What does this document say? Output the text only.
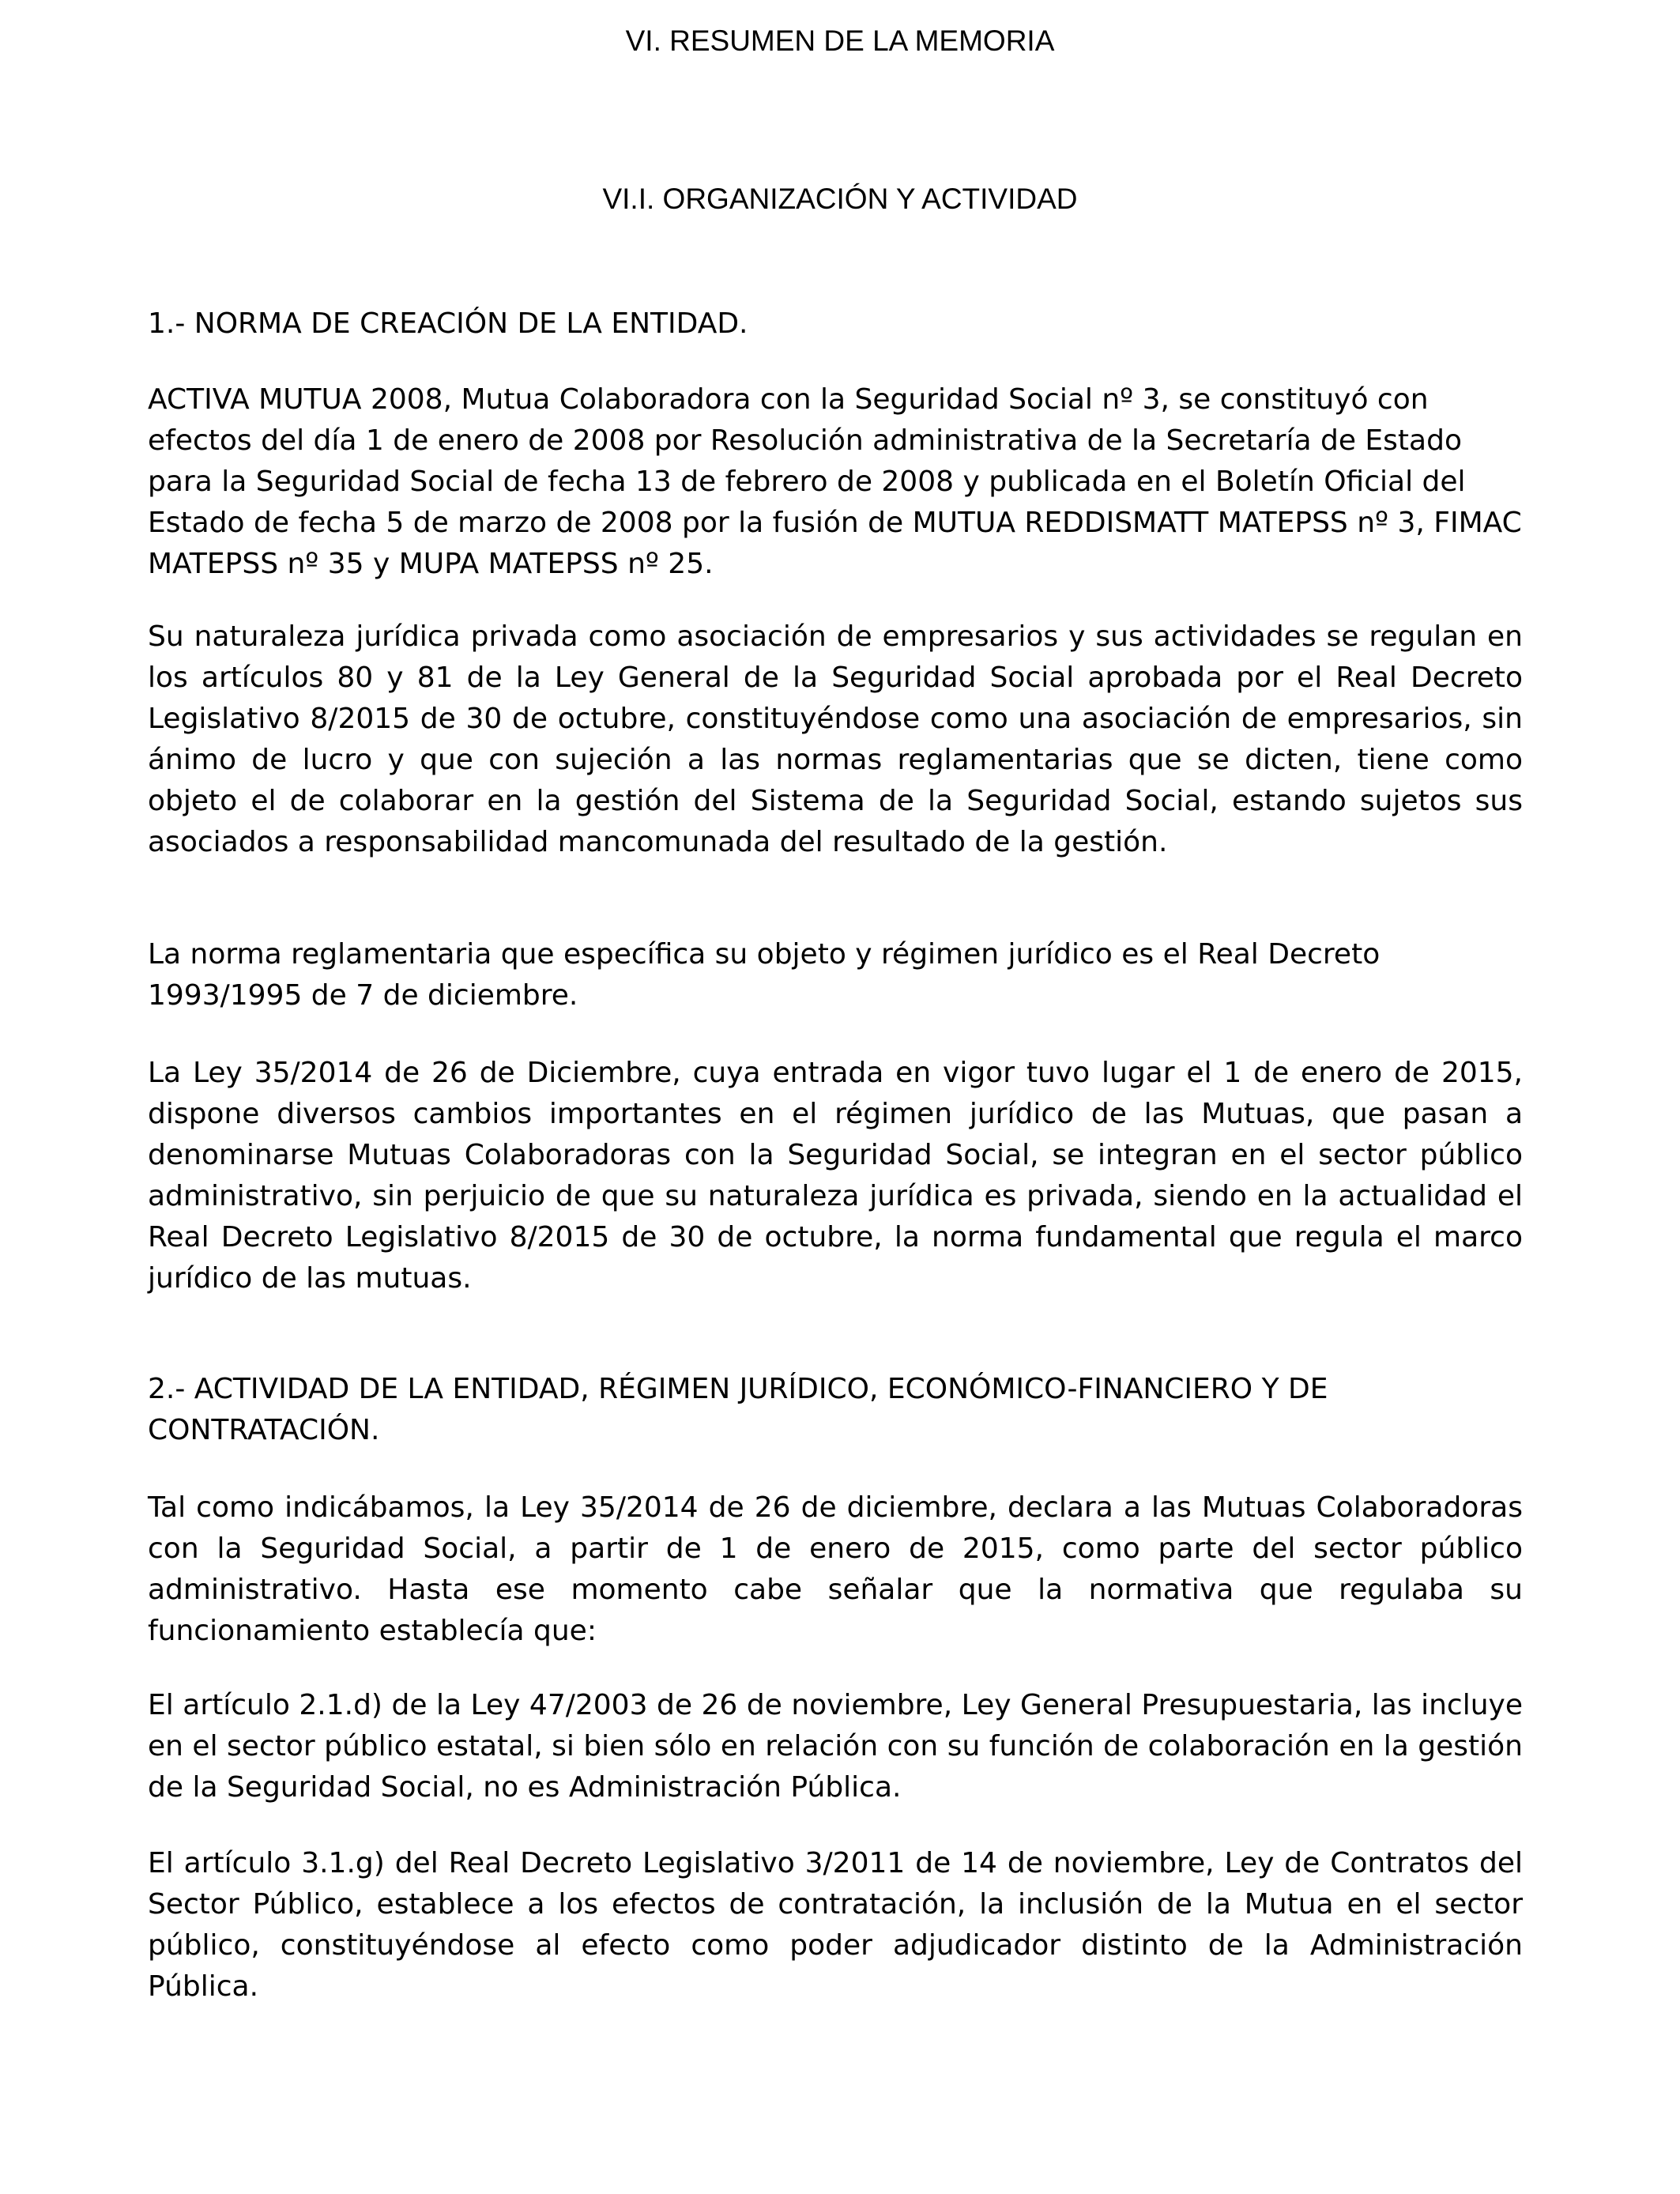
VI. RESUMEN DE LA MEMORIA
VI.I. ORGANIZACIÓN Y ACTIVIDAD
1.- NORMA DE CREACIÓN DE LA ENTIDAD.

ACTIVA MUTUA 2008, Mutua Colaboradora con la Seguridad Social nº 3, se constituyó con efectos del día 1 de enero de 2008 por Resolución administrativa de la Secretaría de Estado para la Seguridad Social de fecha 13 de febrero de 2008 y publicada en el Boletín Oficial del Estado de fecha 5 de marzo de 2008 por la fusión de MUTUA REDDISMATT MATEPSS nº 3, FIMAC MATEPSS nº 35 y MUPA MATEPSS nº 25.

Su naturaleza jurídica privada como asociación de empresarios y sus actividades se regulan en los artículos 80 y 81 de la Ley General de la Seguridad Social aprobada por el Real Decreto Legislativo 8/2015 de 30 de octubre, constituyéndose como una asociación de empresarios, sin ánimo de lucro y que con sujeción a las normas reglamentarias que se dicten, tiene como objeto el de colaborar en la gestión del Sistema de la Seguridad Social, estando sujetos sus asociados a responsabilidad mancomunada del resultado de la gestión.

La norma reglamentaria que específica su objeto y régimen jurídico es el Real Decreto 1993/1995 de 7 de diciembre.

La Ley 35/2014 de 26 de Diciembre, cuya entrada en vigor tuvo lugar el 1 de enero de 2015, dispone diversos cambios importantes en el régimen jurídico de las Mutuas, que pasan a denominarse Mutuas Colaboradoras con la Seguridad Social, se integran en el sector público administrativo, sin perjuicio de que su naturaleza jurídica es privada, siendo en la actualidad el Real Decreto Legislativo 8/2015 de 30 de octubre, la norma fundamental que regula el marco jurídico de las mutuas.

2.- ACTIVIDAD DE LA ENTIDAD, RÉGIMEN JURÍDICO, ECONÓMICO-FINANCIERO Y DE CONTRATACIÓN.

Tal como indicábamos, la Ley 35/2014 de 26 de diciembre, declara a las Mutuas Colaboradoras con la Seguridad Social, a partir de 1 de enero de 2015, como parte del sector público administrativo. Hasta ese momento cabe señalar que la normativa que regulaba su funcionamiento establecía que:

El artículo 2.1.d) de la Ley 47/2003 de 26 de noviembre, Ley General Presupuestaria, las incluye en el sector público estatal, si bien sólo en relación con su función de colaboración en la gestión de la Seguridad Social, no es Administración Pública.

El artículo 3.1.g) del Real Decreto Legislativo 3/2011 de 14 de noviembre, Ley de Contratos del Sector Público, establece a los efectos de contratación, la inclusión de la Mutua en el sector público, constituyéndose al efecto como poder adjudicador distinto de la Administración Pública.
